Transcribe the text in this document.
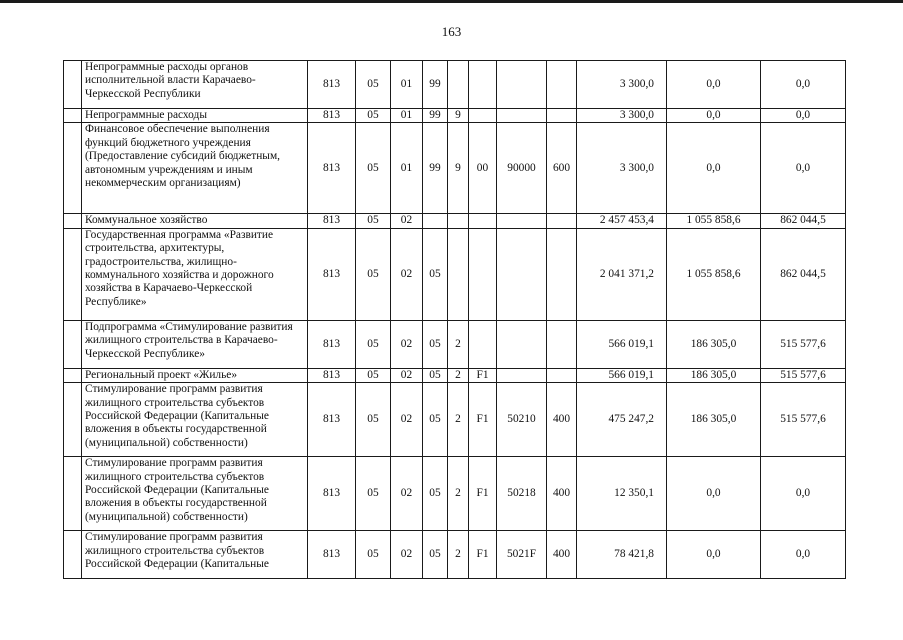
163
	Непрограммные расходы органов исполнительной власти Карачаево-Черкесской Республики	813	05	01	99					3 300,0	0,0	0,0
	Непрограммные расходы	813	05	01	99	9				3 300,0	0,0	0,0
	Финансовое обеспечение выполнения функций бюджетного учреждения (Предоставление субсидий бюджетным, автономным учреждениям и иным некоммерческим организациям)	813	05	01	99	9	00	90000	600	3 300,0	0,0	0,0
	Коммунальное хозяйство	813	05	02						2 457 453,4	1 055 858,6	862 044,5
	Государственная программа «Развитие строительства, архитектуры, градостроительства, жилищно-коммунального хозяйства и дорожного хозяйства в Карачаево-Черкесской Республике»	813	05	02	05					2 041 371,2	1 055 858,6	862 044,5
	Подпрограмма «Стимулирование развития жилищного строительства в Карачаево-Черкесской Республике»	813	05	02	05	2				566 019,1	186 305,0	515 577,6
	Региональный проект «Жилье»	813	05	02	05	2	F1			566 019,1	186 305,0	515 577,6
	Стимулирование программ развития жилищного строительства субъектов Российской Федерации (Капитальные вложения в объекты государственной (муниципальной) собственности)	813	05	02	05	2	F1	50210	400	475 247,2	186 305,0	515 577,6
	Стимулирование программ развития жилищного строительства субъектов Российской Федерации (Капитальные вложения в объекты государственной (муниципальной) собственности)	813	05	02	05	2	F1	50218	400	12 350,1	0,0	0,0
	Стимулирование программ развития жилищного строительства субъектов Российской Федерации (Капитальные	813	05	02	05	2	F1	5021F	400	78 421,8	0,0	0,0
